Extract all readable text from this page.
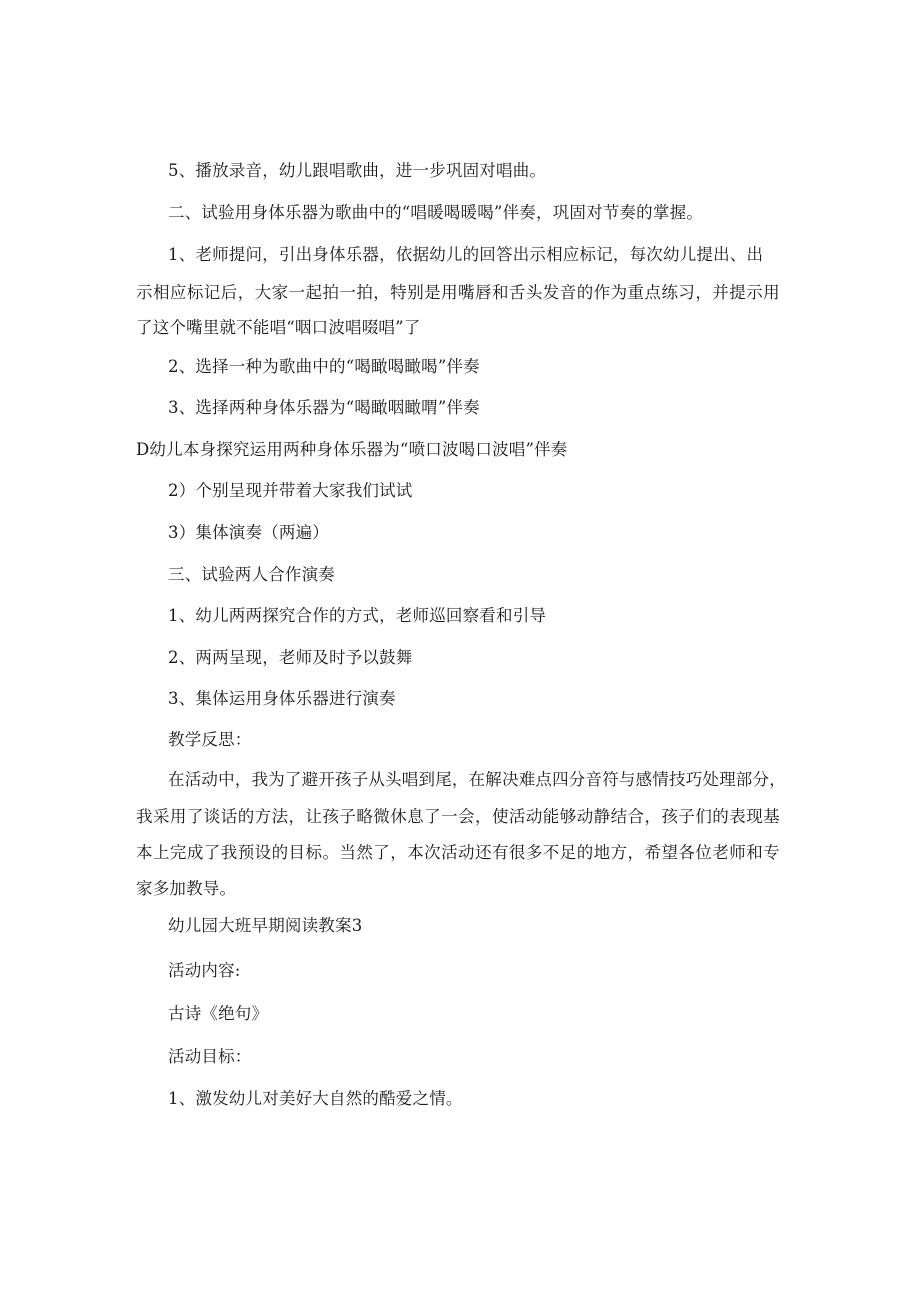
5、播放录音，幼儿跟唱歌曲，进一步巩固对唱曲。
二、试验用身体乐器为歌曲中的“唱暖喝暖喝”伴奏，巩固对节奏的掌握。
1、老师提问，引出身体乐器，依据幼儿的回答出示相应标记，每次幼儿提出、出
示相应标记后，大家一起拍一拍，特别是用嘴唇和舌头发音的作为重点练习，并提示用
了这个嘴里就不能唱“咽口波唱啜唱”了
2、选择一种为歌曲中的“喝瞰喝瞰喝”伴奏
3、选择两种身体乐器为“喝瞰咽瞰喟”伴奏
D幼儿本身探究运用两种身体乐器为“喷口波喝口波唱”伴奏
2）个别呈现并带着大家我们试试
3）集体演奏（两遍）
三、试验两人合作演奏
1、幼儿两两探究合作的方式，老师巡回察看和引导
2、两两呈现，老师及时予以鼓舞
3、集体运用身体乐器进行演奏
教学反思：
在活动中，我为了避开孩子从头唱到尾，在解决难点四分音符与感情技巧处理部分，
我采用了谈话的方法，让孩子略微休息了一会，使活动能够动静结合，孩子们的表现基
本上完成了我预设的目标。当然了，本次活动还有很多不足的地方，希望各位老师和专
家多加教导。
幼儿园大班早期阅读教案3
活动内容:
古诗《绝句》
活动目标：
1、激发幼儿对美好大自然的酷爱之情。
